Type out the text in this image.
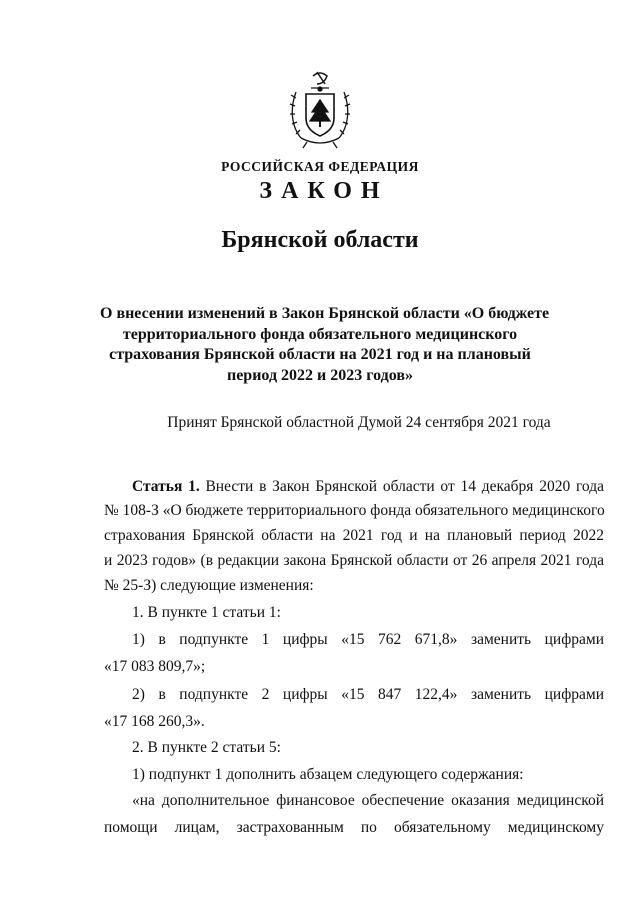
РОССИЙСКАЯ ФЕДЕРАЦИЯ
ЗАКОН
Брянской области
О внесении изменений в Закон Брянской области «О бюджете
территориального фонда обязательного медицинского
страхования Брянской области на 2021 год и на плановый
период 2022 и 2023 годов»
Принят Брянской областной Думой 24 сентября 2021 года
Статья 1. Внести в Закон Брянской области от 14 декабря 2020 года
№ 108-З «О бюджете территориального фонда обязательного медицинского
страхования Брянской области на 2021 год и на плановый период 2022
и 2023 годов» (в редакции закона Брянской области от 26 апреля 2021 года
№ 25-З) следующие изменения:
1. В пункте 1 статьи 1:
1) в подпункте 1 цифры «15 762 671,8» заменить цифрами
«17 083 809,7»;
2) в подпункте 2 цифры «15 847 122,4» заменить цифрами
«17 168 260,3».
2. В пункте 2 статьи 5:
1) подпункт 1 дополнить абзацем следующего содержания:
«на дополнительное финансовое обеспечение оказания медицинской
помощи лицам, застрахованным по обязательному медицинскому
